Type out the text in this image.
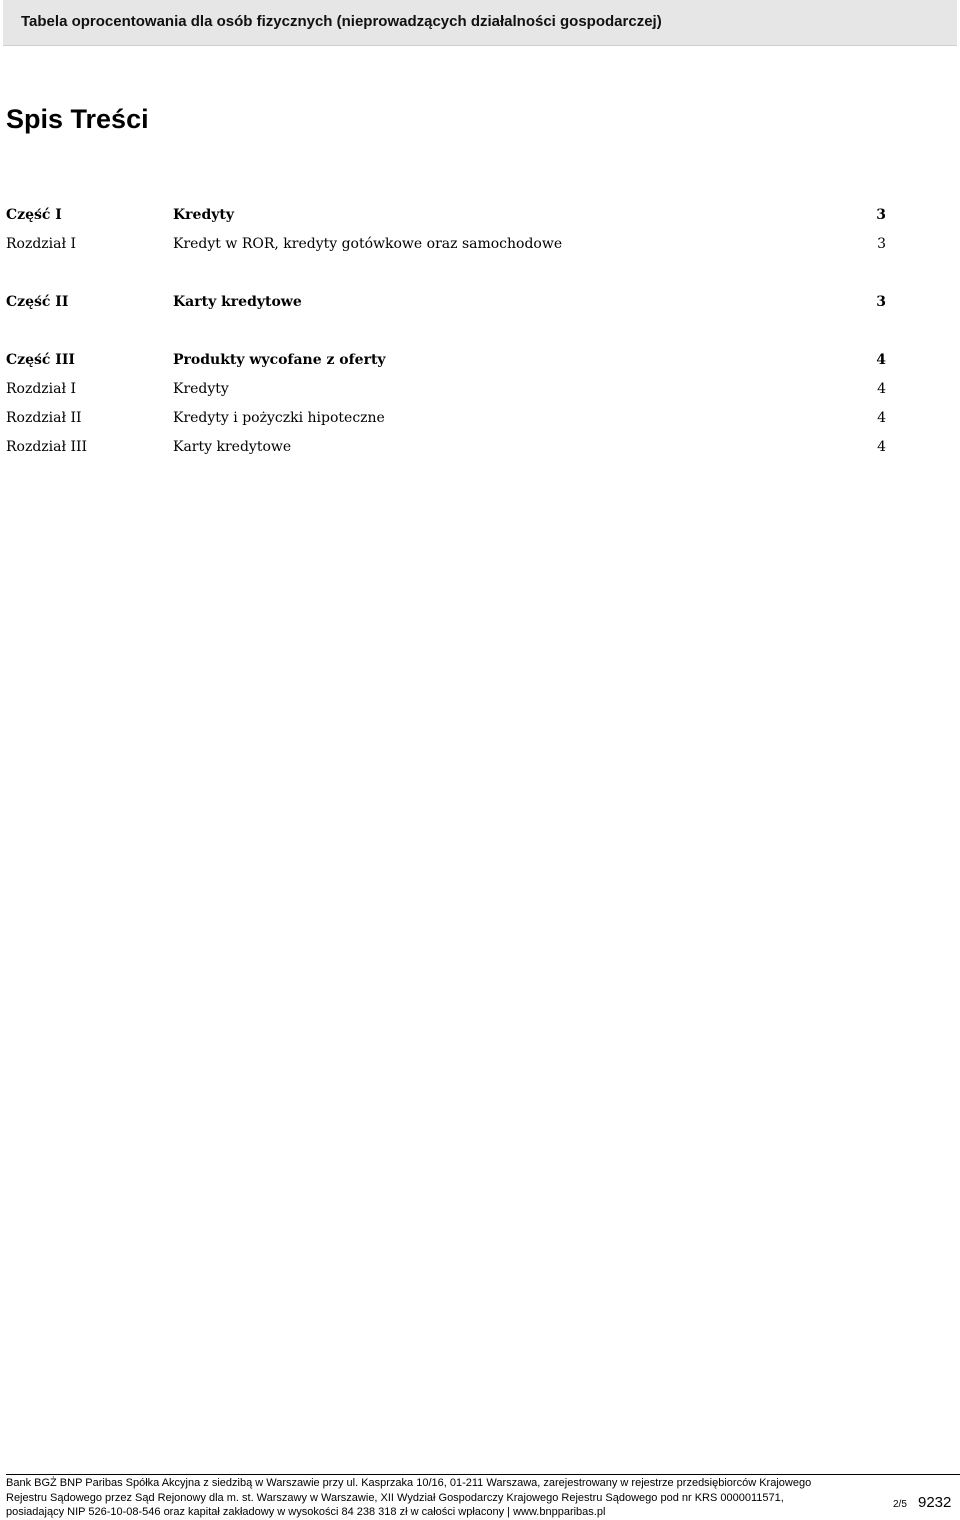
Tabela oprocentowania dla osób fizycznych (nieprowadzących działalności gospodarczej)
Spis Treści
Część I	Kredyty	3
Rozdział I	Kredyt w ROR, kredyty gotówkowe oraz samochodowe	3
Część II	Karty kredytowe	3
Część III	Produkty wycofane z oferty	4
Rozdział I	Kredyty	4
Rozdział II	Kredyty i pożyczki hipoteczne	4
Rozdział III	Karty kredytowe	4
Bank BGŻ BNP Paribas Spółka Akcyjna z siedzibą w Warszawie przy ul. Kasprzaka 10/16, 01-211 Warszawa, zarejestrowany w rejestrze przedsiębiorców Krajowego
Rejestru Sądowego przez Sąd Rejonowy dla m. st. Warszawy w Warszawie, XII Wydział Gospodarczy Krajowego Rejestru Sądowego pod nr KRS 0000011571,
posiadający NIP 526-10-08-546 oraz kapitał zakładowy w wysokości 84 238 318 zł w całości wpłacony | www.bnpparibas.pl
2/5 9232
